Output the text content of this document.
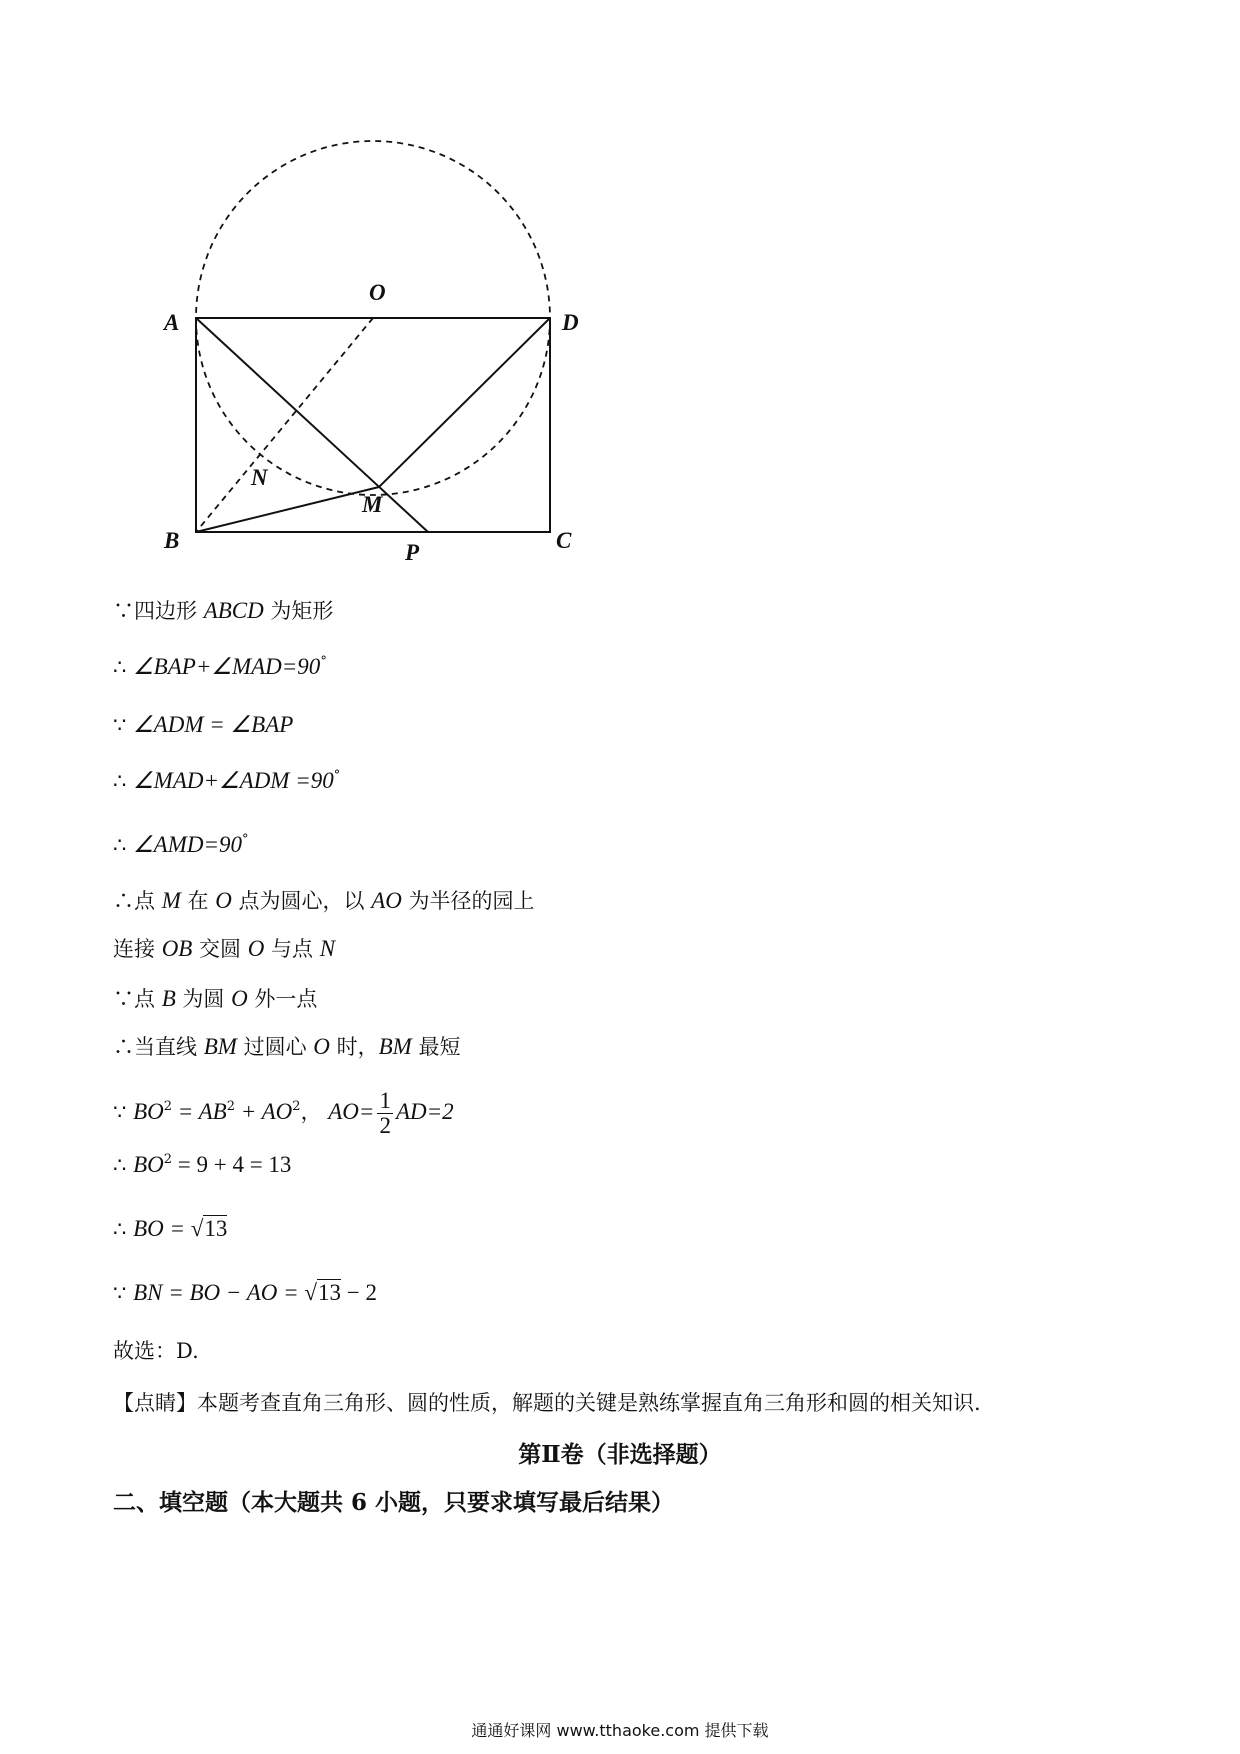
A
O
D
N
M
B	P	C
∵四边形 ABCD 为矩形
∴ ∠BAP+∠MAD=90°
∵ ∠ADM = ∠BAP
∴ ∠MAD+∠ADM =90°
∴ ∠AMD=90°
∴点 M 在 O 点为圆心，以 AO 为半径的园上
连接 OB 交圆 O 与点 N
∵点 B 为圆 O 外一点
∴当直线 BM 过圆心 O 时，BM 最短
∵ $BO^2 = AB^2 + AO^2$， $AO= \frac{1}{2} AD=2$
∴ $BO^2 = 9 + 4 = 13$
∴ BO = √13
∵ BN = BO − AO = √13 − 2
故选：D.
【点睛】本题考查直角三角形、圆的性质，解题的关键是熟练掌握直角三角形和圆的相关知识.
第Ⅱ卷（非选择题）
二、填空题（本大题共 6 小题，只要求填写最后结果）
通通好课网 www.tthaoke.com 提供下载
